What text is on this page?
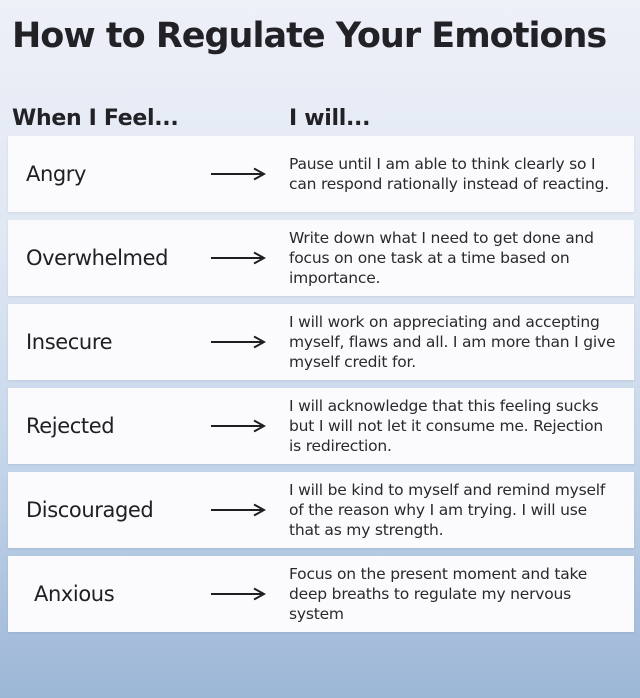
How to Regulate Your Emotions
When I Feel...	I will...
Angry	Pause until I am able to think clearly so I can respond rationally instead of reacting.
Overwhelmed
Write down what I need to get done and focus on one task at a time based on importance.
Insecure
I will work on appreciating and accepting myself, flaws and all. I am more than I give myself credit for.
Rejected
I will acknowledge that this feeling sucks but I will not let it consume me. Rejection is redirection.
Discouraged
I will be kind to myself and remind myself of the reason why I am trying. I will use that as my strength.
Anxious
Focus on the present moment and take deep breaths to regulate my nervous system
